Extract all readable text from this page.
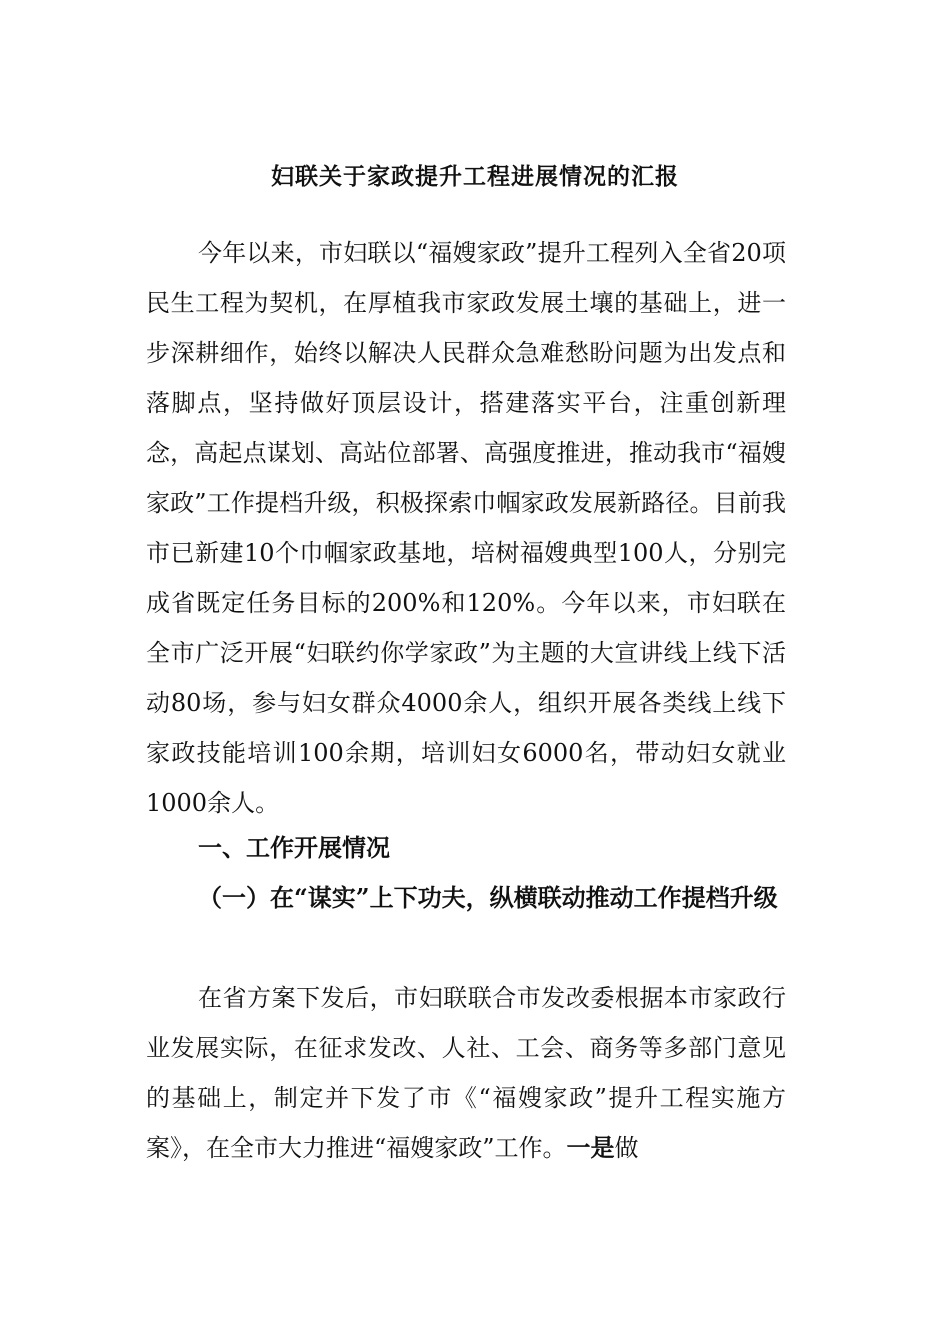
妇联关于家政提升工程进展情况的汇报
今年以来，市妇联以“福嫂家政”提升工程列入全省20项民生工程为契机，在厚植我市家政发展土壤的基础上，进一步深耕细作，始终以解决人民群众急难愁盼问题为出发点和落脚点，坚持做好顶层设计，搭建落实平台，注重创新理念，高起点谋划、高站位部署、高强度推进，推动我市“福嫂家政”工作提档升级，积极探索巾帼家政发展新路径。目前我市已新建10个巾帼家政基地，培树福嫂典型100人，分别完成省既定任务目标的200%和120%。今年以来，市妇联在全市广泛开展“妇联约你学家政”为主题的大宣讲线上线下活动80场，参与妇女群众4000余人，组织开展各类线上线下家政技能培训100余期，培训妇女6000名，带动妇女就业1000余人。
一、工作开展情况
（一）在“谋实”上下功夫，纵横联动推动工作提档升级
在省方案下发后，市妇联联合市发改委根据本市家政行业发展实际，在征求发改、人社、工会、商务等多部门意见的基础上，制定并下发了市《“福嫂家政”提升工程实施方案》，在全市大力推进“福嫂家政”工作。一是做
